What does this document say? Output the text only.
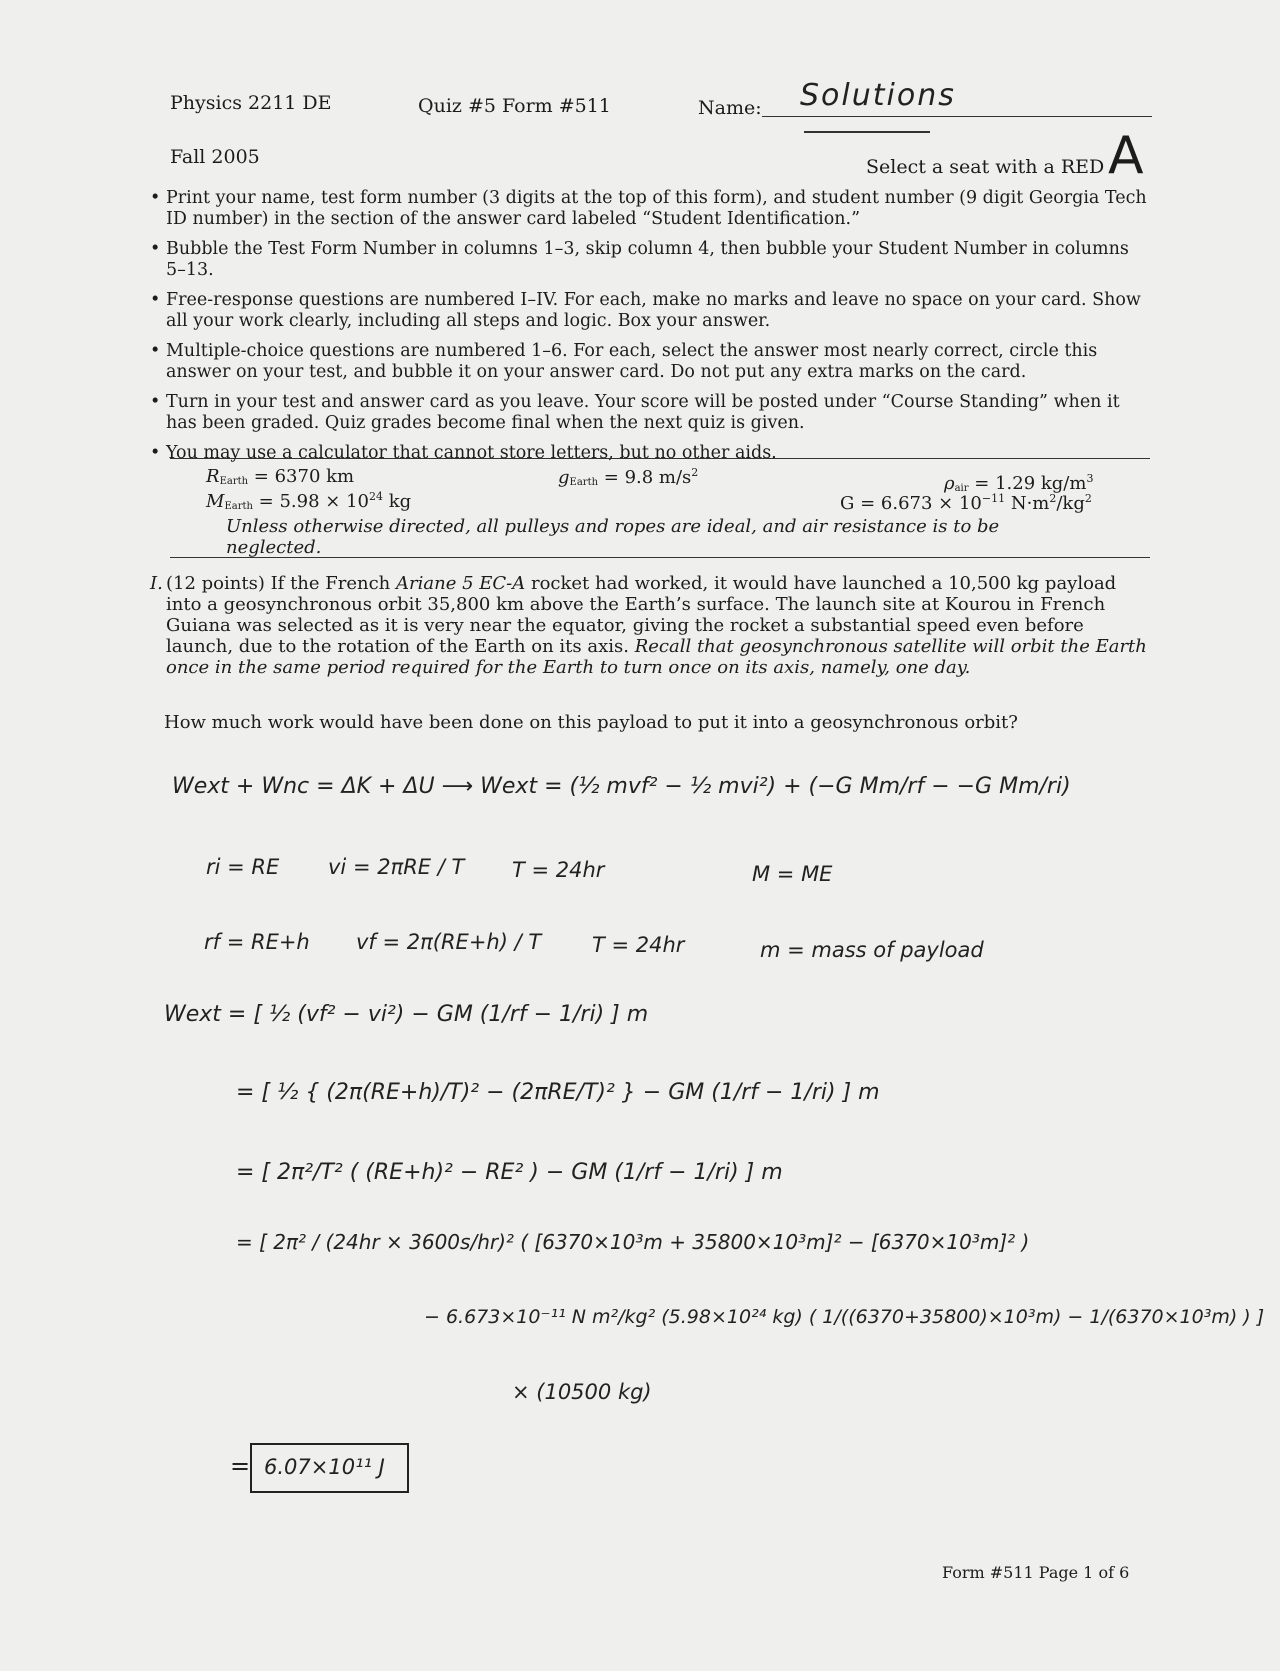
Physics 2211 DE	Quiz #5 Form #511	Name: Solutions
Fall 2005	Select a seat with a RED A
• Print your name, test form number (3 digits at the top of this form), and student number (9 digit Georgia Tech ID number) in the section of the answer card labeled “Student Identification.”
• Bubble the Test Form Number in columns 1–3, skip column 4, then bubble your Student Number in columns 5–13.
• Free-response questions are numbered I–IV. For each, make no marks and leave no space on your card. Show all your work clearly, including all steps and logic. Box your answer.
• Multiple-choice questions are numbered 1–6. For each, select the answer most nearly correct, circle this answer on your test, and bubble it on your answer card. Do not put any extra marks on the card.
• Turn in your test and answer card as you leave. Your score will be posted under “Course Standing” when it has been graded. Quiz grades become final when the next quiz is given.
• You may use a calculator that cannot store letters, but no other aids.
$R_{Earth} = 6370$ km	$g_{Earth} = 9.8$ $m/s^2$
$\rho_{air} = 1.29$ $kg/m^3$
$M_{Earth} = 5.98 \times 10^{24}$ kg	$G = 6.673 \times 10^{-11}$ $N\cdot m^2/kg^2$
Unless otherwise directed, all pulleys and ropes are ideal, and air resistance is to be neglected.
I. (12 points) If the French Ariane 5 EC-A rocket had worked, it would have launched a 10,500 kg payload into a geosynchronous orbit 35,800 km above the Earth’s surface. The launch site at Kourou in French Guiana was selected as it is very near the equator, giving the rocket a substantial speed even before launch, due to the rotation of the Earth on its axis. Recall that geosynchronous satellite will orbit the Earth once in the same period required for the Earth to turn once on its axis, namely, one day.
How much work would have been done on this payload to put it into a geosynchronous orbit?
Wext + Wnc = ΔK + ΔU ⟶ Wext = (½ mvf² − ½ mvi²) + (−G Mm/rf − −G Mm/ri)
ri = RE vi = 2πRE / T T = 24hr	M = ME
rf = RE+h vf = 2π(RE+h) / T T = 24hr	m = mass of payload
Wext = [ ½ (vf² − vi²) − GM (1/rf − 1/ri) ] m
= [ ½ { (2π(RE+h)/T)² − (2πRE/T)² } − GM (1/rf − 1/ri) ] m
= [ 2π²/T² ( (RE+h)² − RE² ) − GM (1/rf − 1/ri) ] m
= [ 2π² / (24hr × 3600s/hr)² ( [6370×10³m + 35800×10³m]² − [6370×10³m]² )
− 6.673×10⁻¹¹ N m²/kg² (5.98×10²⁴ kg) ( 1/((6370+35800)×10³m) − 1/(6370×10³m) ) ]
× (10500 kg)
= 6.07×10¹¹ J
Form #511 Page 1 of 6
